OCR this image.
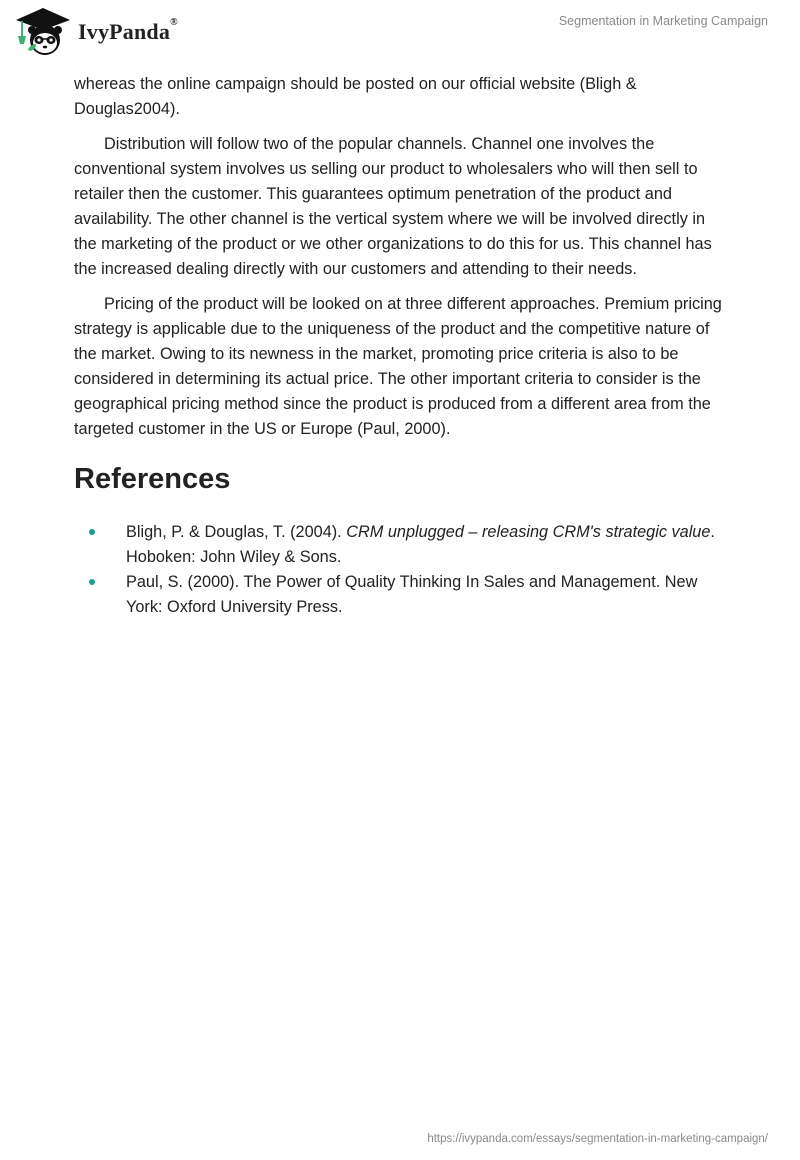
IvyPanda®	Segmentation in Marketing Campaign

whereas the online campaign should be posted on our official website (Bligh & Douglas2004).

Distribution will follow two of the popular channels. Channel one involves the conventional system involves us selling our product to wholesalers who will then sell to retailer then the customer. This guarantees optimum penetration of the product and availability. The other channel is the vertical system where we will be involved directly in the marketing of the product or we other organizations to do this for us. This channel has the increased dealing directly with our customers and attending to their needs.

Pricing of the product will be looked on at three different approaches. Premium pricing strategy is applicable due to the uniqueness of the product and the competitive nature of the market. Owing to its newness in the market, promoting price criteria is also to be considered in determining its actual price. The other important criteria to consider is the geographical pricing method since the product is produced from a different area from the targeted customer in the US or Europe (Paul, 2000).

References
Bligh, P. & Douglas, T. (2004). CRM unplugged – releasing CRM's strategic value. Hoboken: John Wiley & Sons.
Paul, S. (2000). The Power of Quality Thinking In Sales and Management. New York: Oxford University Press.
https://ivypanda.com/essays/segmentation-in-marketing-campaign/
